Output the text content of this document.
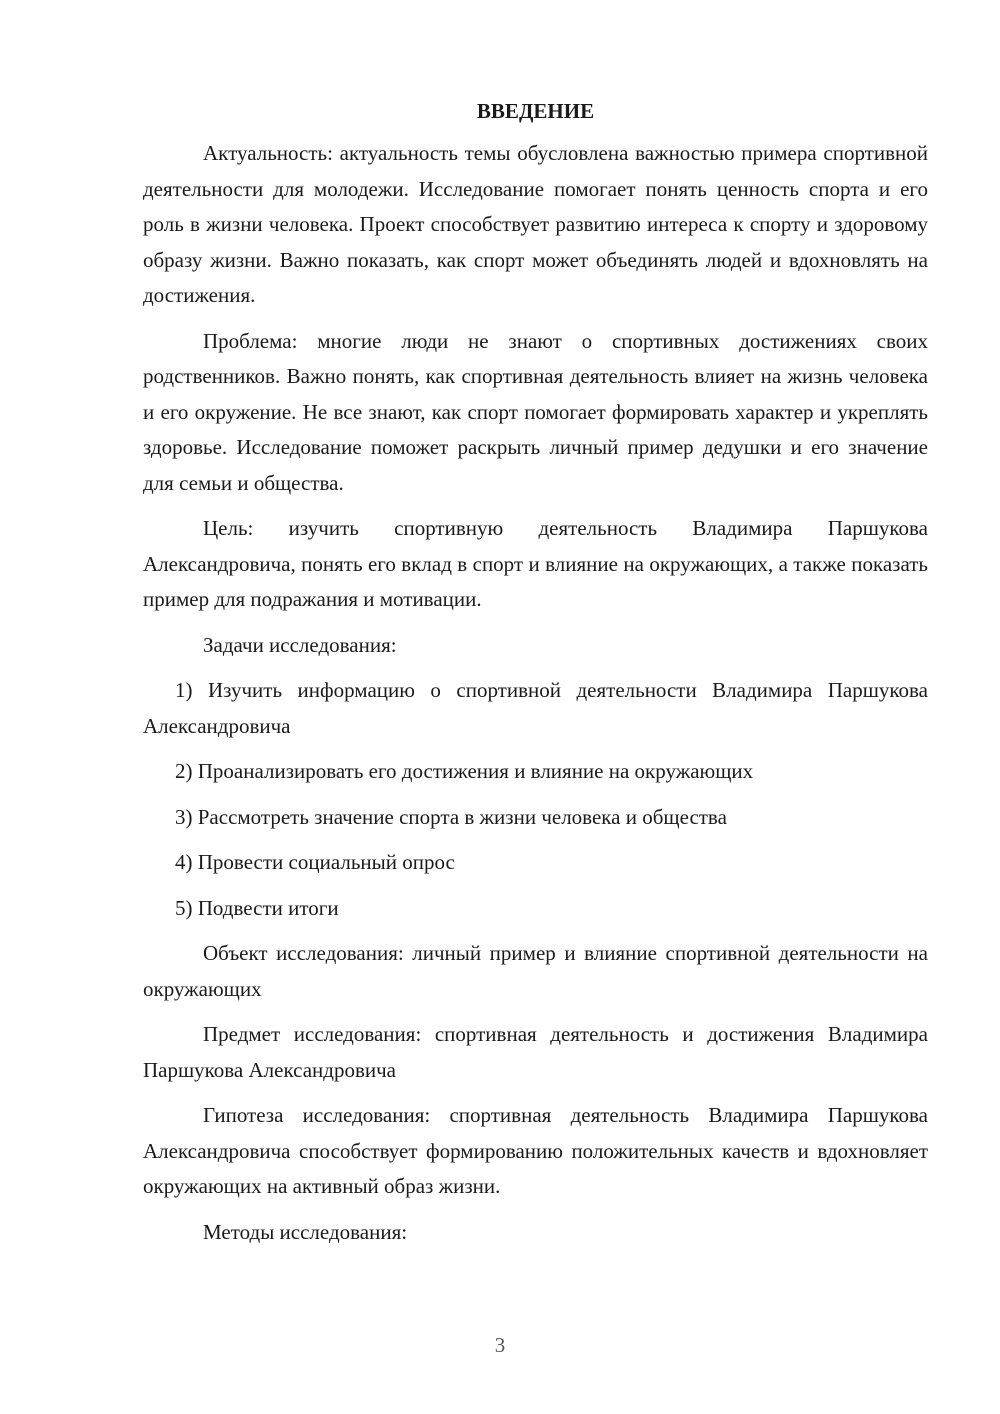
ВВЕДЕНИЕ
Актуальность: актуальность темы обусловлена важностью примера спортивной деятельности для молодежи. Исследование помогает понять ценность спорта и его роль в жизни человека. Проект способствует развитию интереса к спорту и здоровому образу жизни. Важно показать, как спорт может объединять людей и вдохновлять на достижения.
Проблема: многие люди не знают о спортивных достижениях своих родственников. Важно понять, как спортивная деятельность влияет на жизнь человека и его окружение. Не все знают, как спорт помогает формировать характер и укреплять здоровье. Исследование поможет раскрыть личный пример дедушки и его значение для семьи и общества.
Цель: изучить спортивную деятельность Владимира Паршукова Александровича, понять его вклад в спорт и влияние на окружающих, а также показать пример для подражания и мотивации.
Задачи исследования:
1) Изучить информацию о спортивной деятельности Владимира Паршукова Александровича
2) Проанализировать его достижения и влияние на окружающих
3) Рассмотреть значение спорта в жизни человека и общества
4) Провести социальный опрос
5) Подвести итоги
Объект исследования: личный пример и влияние спортивной деятельности на окружающих
Предмет исследования: спортивная деятельность и достижения Владимира Паршукова Александровича
Гипотеза исследования: спортивная деятельность Владимира Паршукова Александровича способствует формированию положительных качеств и вдохновляет окружающих на активный образ жизни.
Методы исследования:
3
